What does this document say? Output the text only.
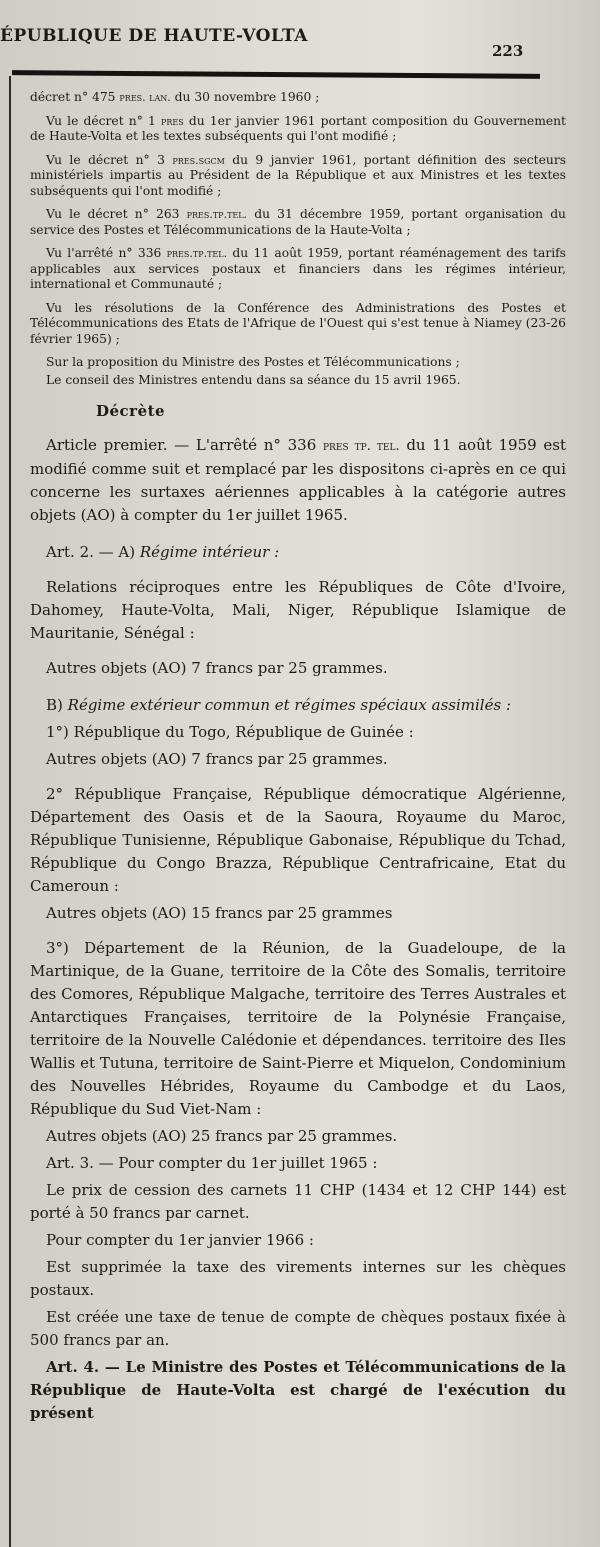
ÉPUBLIQUE DE HAUTE-VOLTA
223

décret n° 475 pres. lan. du 30 novembre 1960 ;

Vu le décret n° 1 pres du 1er janvier 1961 portant composition du Gouvernement de Haute-Volta et les textes subséquents qui l'ont modifié ;

Vu le décret n° 3 pres.sgcm du 9 janvier 1961, portant définition des secteurs ministériels impartis au Président de la République et aux Ministres et les textes subséquents qui l'ont modifié ;

Vu le décret n° 263 pres.tp.tel. du 31 décembre 1959, portant organisation du service des Postes et Télécommunications de la Haute-Volta ;

Vu l'arrêté n° 336 pres.tp.tel. du 11 août 1959, portant réaménagement des tarifs applicables aux services postaux et financiers dans les régimes intérieur, international et Communauté ;

Vu les résolutions de la Conférence des Administrations des Postes et Télécommunications des Etats de l'Afrique de l'Ouest qui s'est tenue à Niamey (23-26 février 1965) ;

Sur la proposition du Ministre des Postes et Télécommunications ;

Le conseil des Ministres entendu dans sa séance du 15 avril 1965.

Décrète

Article premier. — L'arrêté n° 336 pres tp. tel. du 11 août 1959 est modifié comme suit et remplacé par les dispositons ci-après en ce qui concerne les surtaxes aériennes applicables à la catégorie autres objets (AO) à compter du 1er juillet 1965.

Art. 2. — A) Régime intérieur :

Relations réciproques entre les Républiques de Côte d'Ivoire, Dahomey, Haute-Volta, Mali, Niger, République Islamique de Mauritanie, Sénégal :

Autres objets (AO) 7 francs par 25 grammes.

B) Régime extérieur commun et régimes spéciaux assimilés :

1°) République du Togo, République de Guinée :

Autres objets (AO) 7 francs par 25 grammes.

2° République Française, République démocratique Algérienne, Département des Oasis et de la Saoura, Royaume du Maroc, République Tunisienne, République Gabonaise, République du Tchad, République du Congo Brazza, République Centrafricaine, Etat du Cameroun :

Autres objets (AO) 15 francs par 25 grammes

3°) Département de la Réunion, de la Guadeloupe, de la Martinique, de la Guane, territoire de la Côte des Somalis, territoire des Comores, République Malgache, territoire des Terres Australes et Antarctiques Françaises, territoire de la Polynésie Française, territoire de la Nouvelle Calédonie et dépendances. territoire des Iles Wallis et Tutuna, territoire de Saint-Pierre et Miquelon, Condominium des Nouvelles Hébrides, Royaume du Cambodge et du Laos, République du Sud Viet-Nam :

Autres objets (AO) 25 francs par 25 grammes.

Art. 3. — Pour compter du 1er juillet 1965 :

Le prix de cession des carnets 11 CHP (1434 et 12 CHP 144) est porté à 50 francs par carnet.

Pour compter du 1er janvier 1966 :

Est supprimée la taxe des virements internes sur les chèques postaux.

Est créée une taxe de tenue de compte de chèques postaux fixée à 500 francs par an.

Art. 4. — Le Ministre des Postes et Télécommunications de la République de Haute-Volta est chargé de l'exécution du présent
